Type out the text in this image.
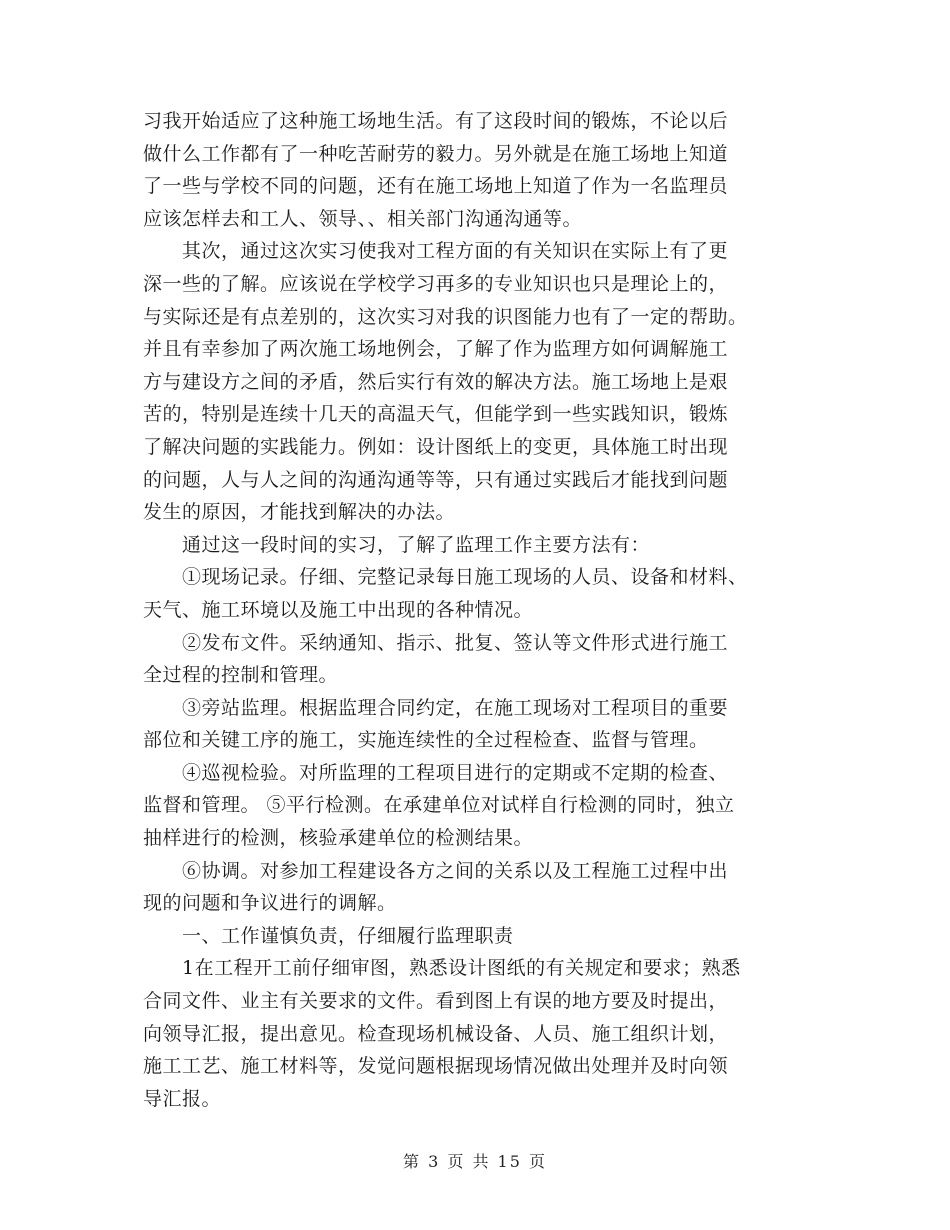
习我开始适应了这种施工场地生活。有了这段时间的锻炼，不论以后
做什么工作都有了一种吃苦耐劳的毅力。另外就是在施工场地上知道
了一些与学校不同的问题，还有在施工场地上知道了作为一名监理员
应该怎样去和工人、领导、、相关部门沟通沟通等。
　　其次，通过这次实习使我对工程方面的有关知识在实际上有了更
深一些的了解。应该说在学校学习再多的专业知识也只是理论上的，
与实际还是有点差别的，这次实习对我的识图能力也有了一定的帮助。
并且有幸参加了两次施工场地例会，了解了作为监理方如何调解施工
方与建设方之间的矛盾，然后实行有效的解决方法。施工场地上是艰
苦的，特别是连续十几天的高温天气，但能学到一些实践知识，锻炼
了解决问题的实践能力。例如：设计图纸上的变更，具体施工时出现
的问题，人与人之间的沟通沟通等等，只有通过实践后才能找到问题
发生的原因，才能找到解决的办法。
　　通过这一段时间的实习，了解了监理工作主要方法有：
　　①现场记录。仔细、完整记录每日施工现场的人员、设备和材料、
天气、施工环境以及施工中出现的各种情况。
　　②发布文件。采纳通知、指示、批复、签认等文件形式进行施工
全过程的控制和管理。
　　③旁站监理。根据监理合同约定，在施工现场对工程项目的重要
部位和关键工序的施工，实施连续性的全过程检查、监督与管理。
　　④巡视检验。对所监理的工程项目进行的定期或不定期的检查、
监督和管理。 ⑤平行检测。在承建单位对试样自行检测的同时，独立
抽样进行的检测，核验承建单位的检测结果。
　　⑥协调。对参加工程建设各方之间的关系以及工程施工过程中出
现的问题和争议进行的调解。
　　一、工作谨慎负责，仔细履行监理职责
　　1在工程开工前仔细审图，熟悉设计图纸的有关规定和要求；熟悉
合同文件、业主有关要求的文件。看到图上有误的地方要及时提出，
向领导汇报，提出意见。检查现场机械设备、人员、施工组织计划，
施工工艺、施工材料等，发觉问题根据现场情况做出处理并及时向领
导汇报。
第 3 页 共 15 页
